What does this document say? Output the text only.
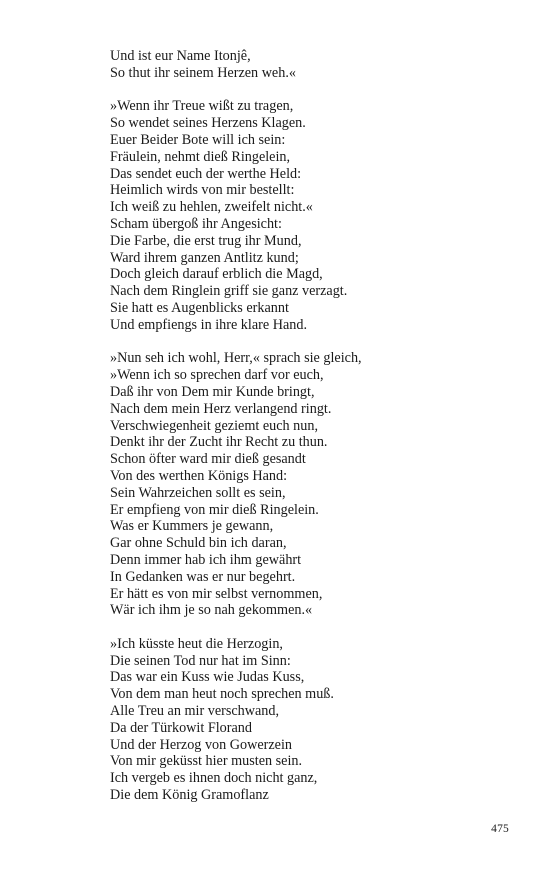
Und ist eur Name Itonjê,
So thut ihr seinem Herzen weh.«
»Wenn ihr Treue wißt zu tragen,
So wendet seines Herzens Klagen.
Euer Beider Bote will ich sein:
Fräulein, nehmt dieß Ringelein,
Das sendet euch der werthe Held:
Heimlich wirds von mir bestellt:
Ich weiß zu hehlen, zweifelt nicht.«
Scham übergoß ihr Angesicht:
Die Farbe, die erst trug ihr Mund,
Ward ihrem ganzen Antlitz kund;
Doch gleich darauf erblich die Magd,
Nach dem Ringlein griff sie ganz verzagt.
Sie hatt es Augenblicks erkannt
Und empfiengs in ihre klare Hand.
»Nun seh ich wohl, Herr,« sprach sie gleich,
»Wenn ich so sprechen darf vor euch,
Daß ihr von Dem mir Kunde bringt,
Nach dem mein Herz verlangend ringt.
Verschwiegenheit geziemt euch nun,
Denkt ihr der Zucht ihr Recht zu thun.
Schon öfter ward mir dieß gesandt
Von des werthen Königs Hand:
Sein Wahrzeichen sollt es sein,
Er empfieng von mir dieß Ringelein.
Was er Kummers je gewann,
Gar ohne Schuld bin ich daran,
Denn immer hab ich ihm gewährt
In Gedanken was er nur begehrt.
Er hätt es von mir selbst vernommen,
Wär ich ihm je so nah gekommen.«
»Ich küsste heut die Herzogin,
Die seinen Tod nur hat im Sinn:
Das war ein Kuss wie Judas Kuss,
Von dem man heut noch sprechen muß.
Alle Treu an mir verschwand,
Da der Türkowit Florand
Und der Herzog von Gowerzein
Von mir geküsst hier musten sein.
Ich vergeb es ihnen doch nicht ganz,
Die dem König Gramoflanz
475
